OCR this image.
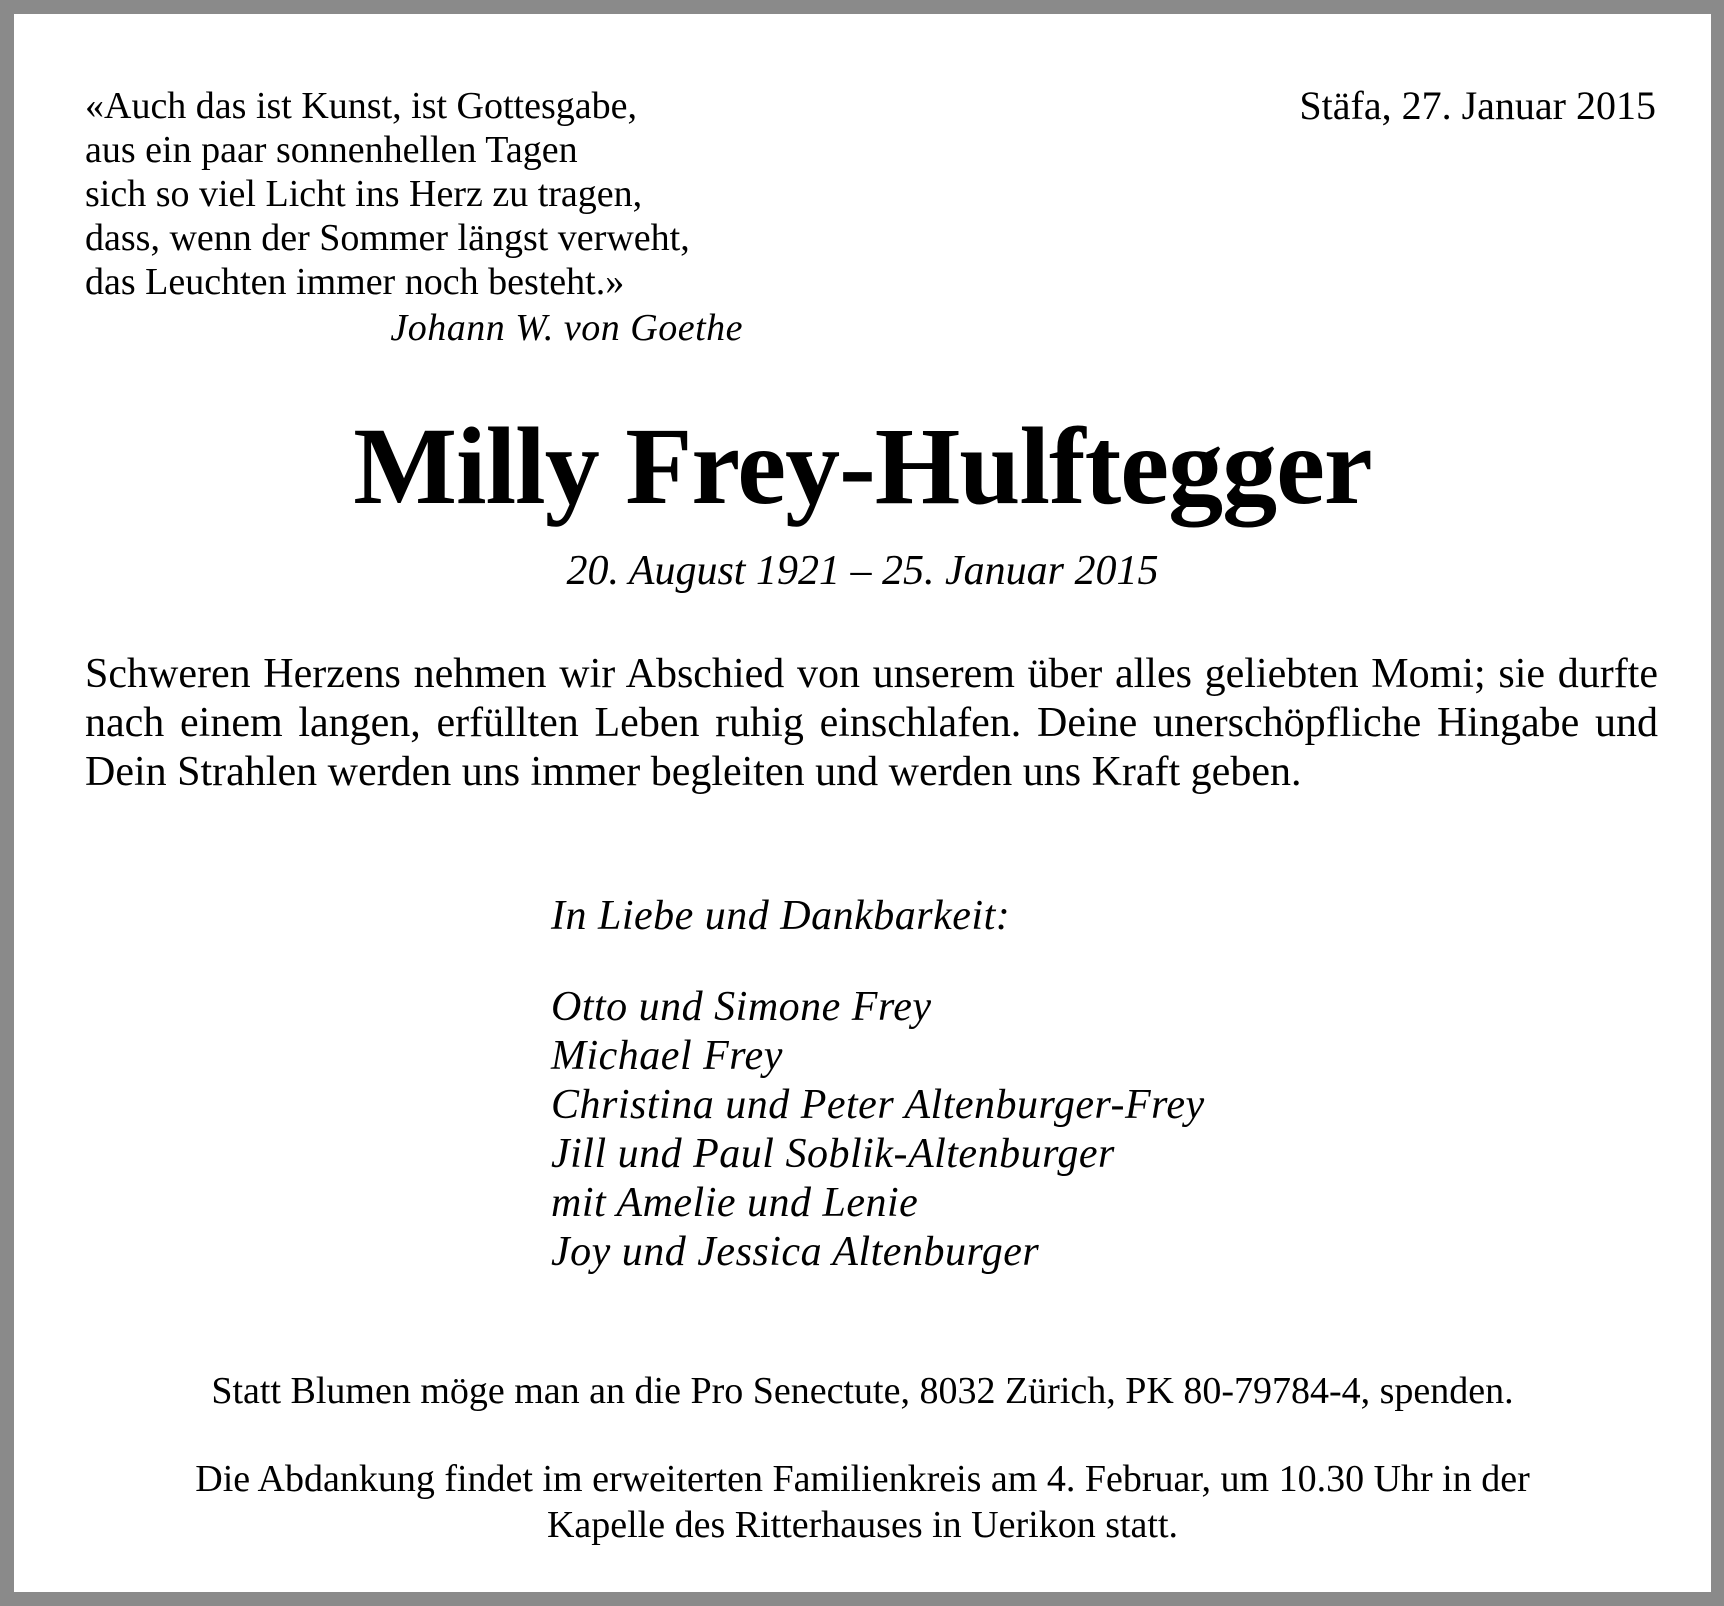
«Auch das ist Kunst, ist Gottesgabe,
aus ein paar sonnenhellen Tagen
sich so viel Licht ins Herz zu tragen,
dass, wenn der Sommer längst verweht,
das Leuchten immer noch besteht.»
Johann W. von Goethe
Stäfa, 27. Januar 2015
Milly Frey-Hulftegger
20. August 1921 – 25. Januar 2015
Schweren Herzens nehmen wir Abschied von unserem über alles geliebten Momi; sie durfte nach einem langen, erfüllten Leben ruhig einschlafen. Deine unerschöpfliche Hingabe und Dein Strahlen werden uns immer begleiten und werden uns Kraft geben.
In Liebe und Dankbarkeit:
Otto und Simone Frey
Michael Frey
Christina und Peter Altenburger-Frey
Jill und Paul Soblik-Altenburger
mit Amelie und Lenie
Joy und Jessica Altenburger
Statt Blumen möge man an die Pro Senectute, 8032 Zürich, PK 80-79784-4, spenden.
Die Abdankung findet im erweiterten Familienkreis am 4. Februar, um 10.30 Uhr in der
Kapelle des Ritterhauses in Uerikon statt.
